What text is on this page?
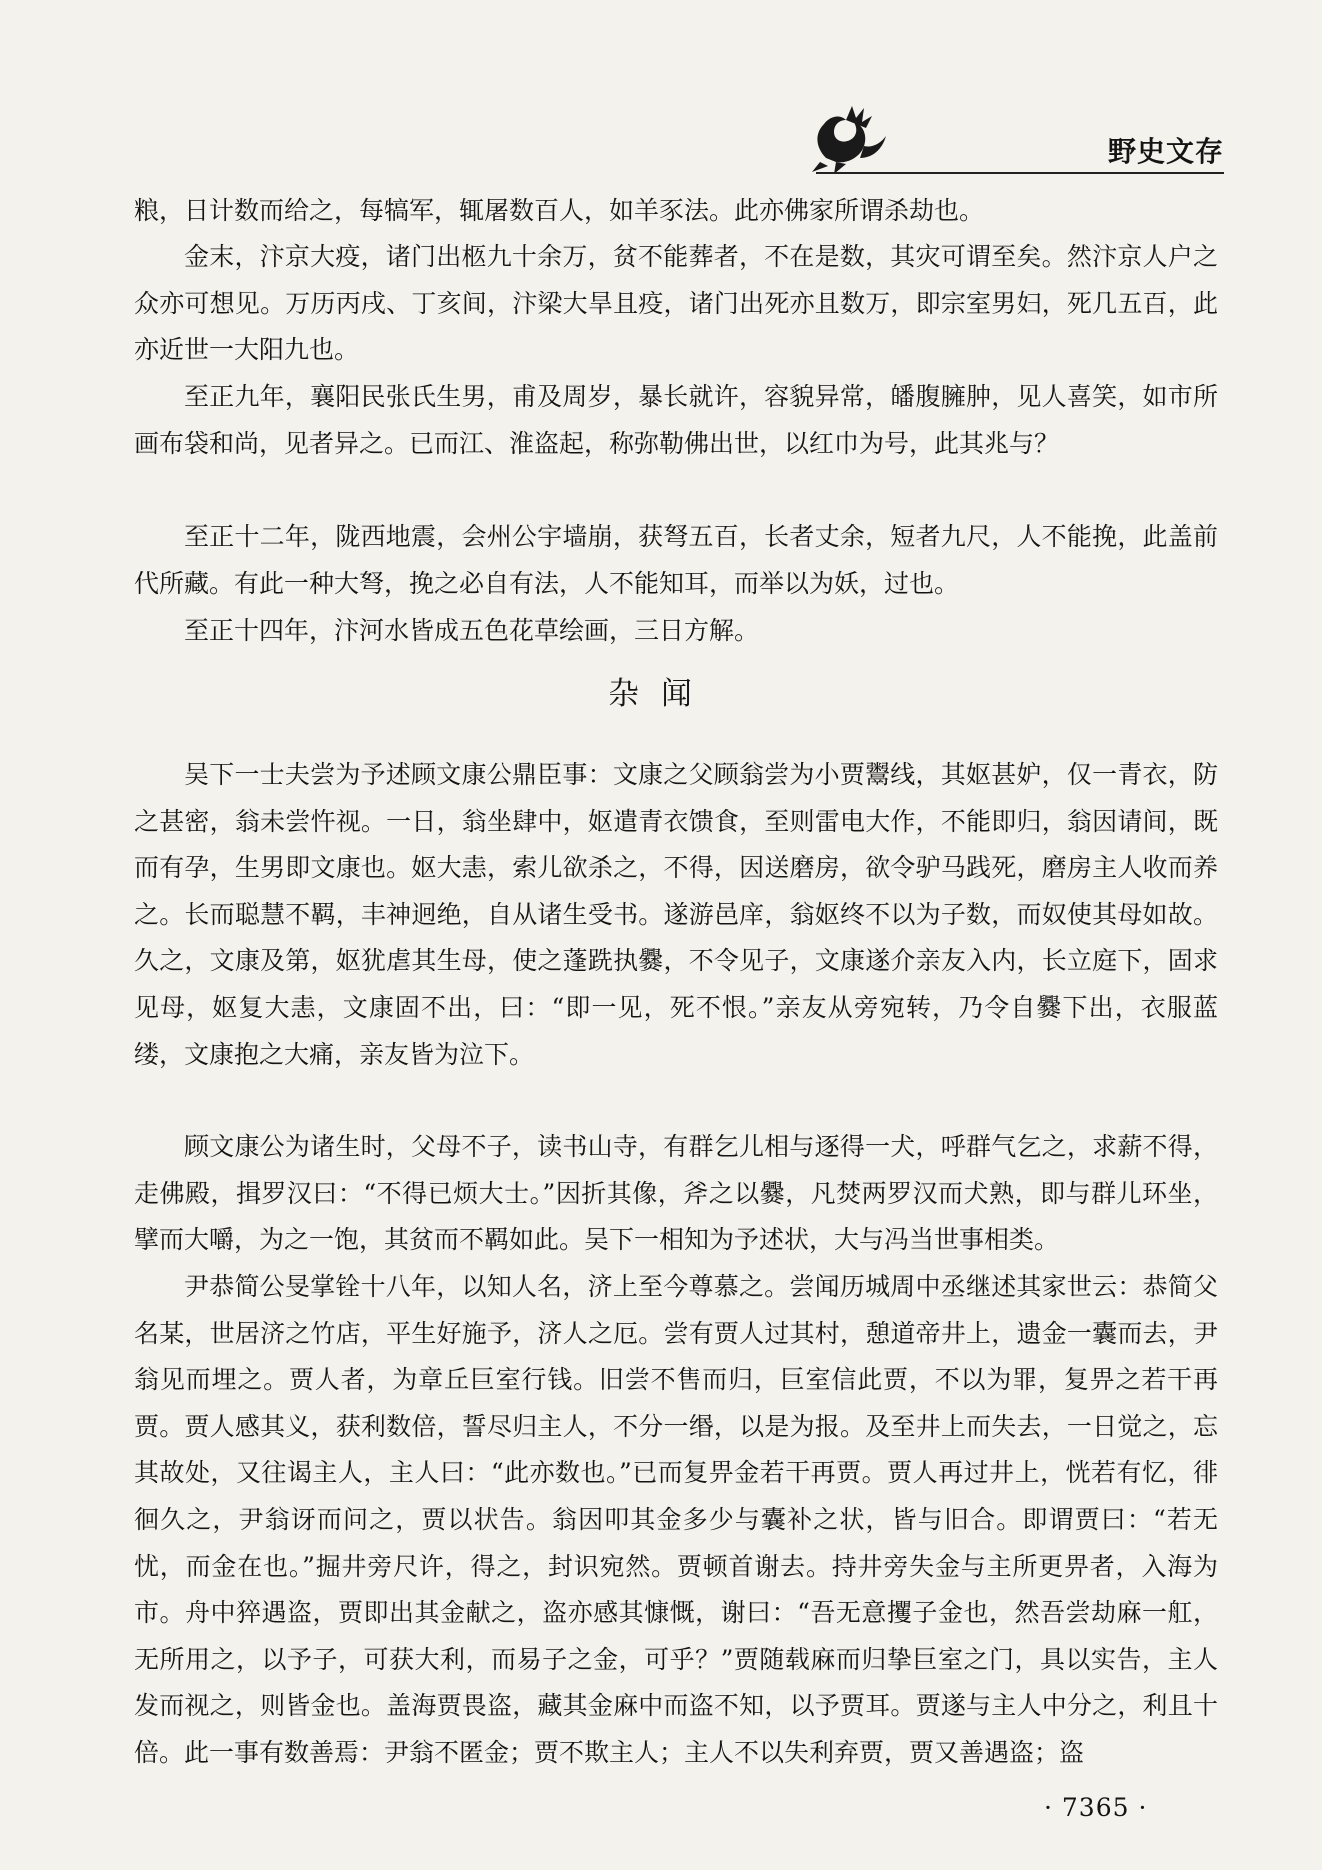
野史文存

粮，日计数而给之，每犒军，辄屠数百人，如羊豕法。此亦佛家所谓杀劫也。

金末，汴京大疫，诸门出柩九十余万，贫不能葬者，不在是数，其灾可谓至矣。然汴京人户之众亦可想见。万历丙戌、丁亥间，汴梁大旱且疫，诸门出死亦且数万，即宗室男妇，死几五百，此亦近世一大阳九也。

至正九年，襄阳民张氏生男，甫及周岁，暴长就许，容貌异常，皤腹臃肿，见人喜笑，如市所画布袋和尚，见者异之。已而江、淮盗起，称弥勒佛出世，以红巾为号，此其兆与？

至正十二年，陇西地震，会州公宇墙崩，获弩五百，长者丈余，短者九尺，人不能挽，此盖前代所藏。有此一种大弩，挽之必自有法，人不能知耳，而举以为妖，过也。

至正十四年，汴河水皆成五色花草绘画，三日方解。

杂闻

吴下一士夫尝为予述顾文康公鼎臣事：文康之父顾翁尝为小贾鬻线，其妪甚妒，仅一青衣，防之甚密，翁未尝忤视。一日，翁坐肆中，妪遣青衣馈食，至则雷电大作，不能即归，翁因请间，既而有孕，生男即文康也。妪大恚，索儿欲杀之，不得，因送磨房，欲令驴马践死，磨房主人收而养之。长而聪慧不羁，丰神迥绝，自从诸生受书。遂游邑庠，翁妪终不以为子数，而奴使其母如故。久之，文康及第，妪犹虐其生母，使之蓬跣执爨，不令见子，文康遂介亲友入内，长立庭下，固求见母，妪复大恚，文康固不出，曰：“即一见，死不恨。”亲友从旁宛转，乃令自爨下出，衣服蓝缕，文康抱之大痛，亲友皆为泣下。

顾文康公为诸生时，父母不子，读书山寺，有群乞儿相与逐得一犬，呼群气乞之，求薪不得，走佛殿，揖罗汉曰：“不得已烦大士。”因折其像，斧之以爨，凡焚两罗汉而犬熟，即与群儿环坐，擘而大嚼，为之一饱，其贫而不羁如此。吴下一相知为予述状，大与冯当世事相类。

尹恭简公旻掌铨十八年，以知人名，济上至今尊慕之。尝闻历城周中丞继述其家世云：恭简父名某，世居济之竹店，平生好施予，济人之厄。尝有贾人过其村，憩道帝井上，遗金一囊而去，尹翁见而埋之。贾人者，为章丘巨室行钱。旧尝不售而归，巨室信此贾，不以为罪，复畀之若干再贾。贾人感其义，获利数倍，誓尽归主人，不分一缗，以是为报。及至井上而失去，一日觉之，忘其故处，又往谒主人，主人曰：“此亦数也。”已而复畀金若干再贾。贾人再过井上，恍若有忆，徘徊久之，尹翁讶而问之，贾以状告。翁因叩其金多少与囊补之状，皆与旧合。即谓贾曰：“若无忧，而金在也。”掘井旁尺许，得之，封识宛然。贾顿首谢去。持井旁失金与主所更畀者，入海为市。舟中猝遇盗，贾即出其金献之，盗亦感其慷慨，谢曰：“吾无意攫子金也，然吾尝劫麻一舡，无所用之，以予子，可获大利，而易子之金，可乎？”贾随载麻而归挚巨室之门，具以实告，主人发而视之，则皆金也。盖海贾畏盗，藏其金麻中而盗不知，以予贾耳。贾遂与主人中分之，利且十倍。此一事有数善焉：尹翁不匿金；贾不欺主人；主人不以失利弃贾，贾又善遇盗；盗

· 7365 ·
